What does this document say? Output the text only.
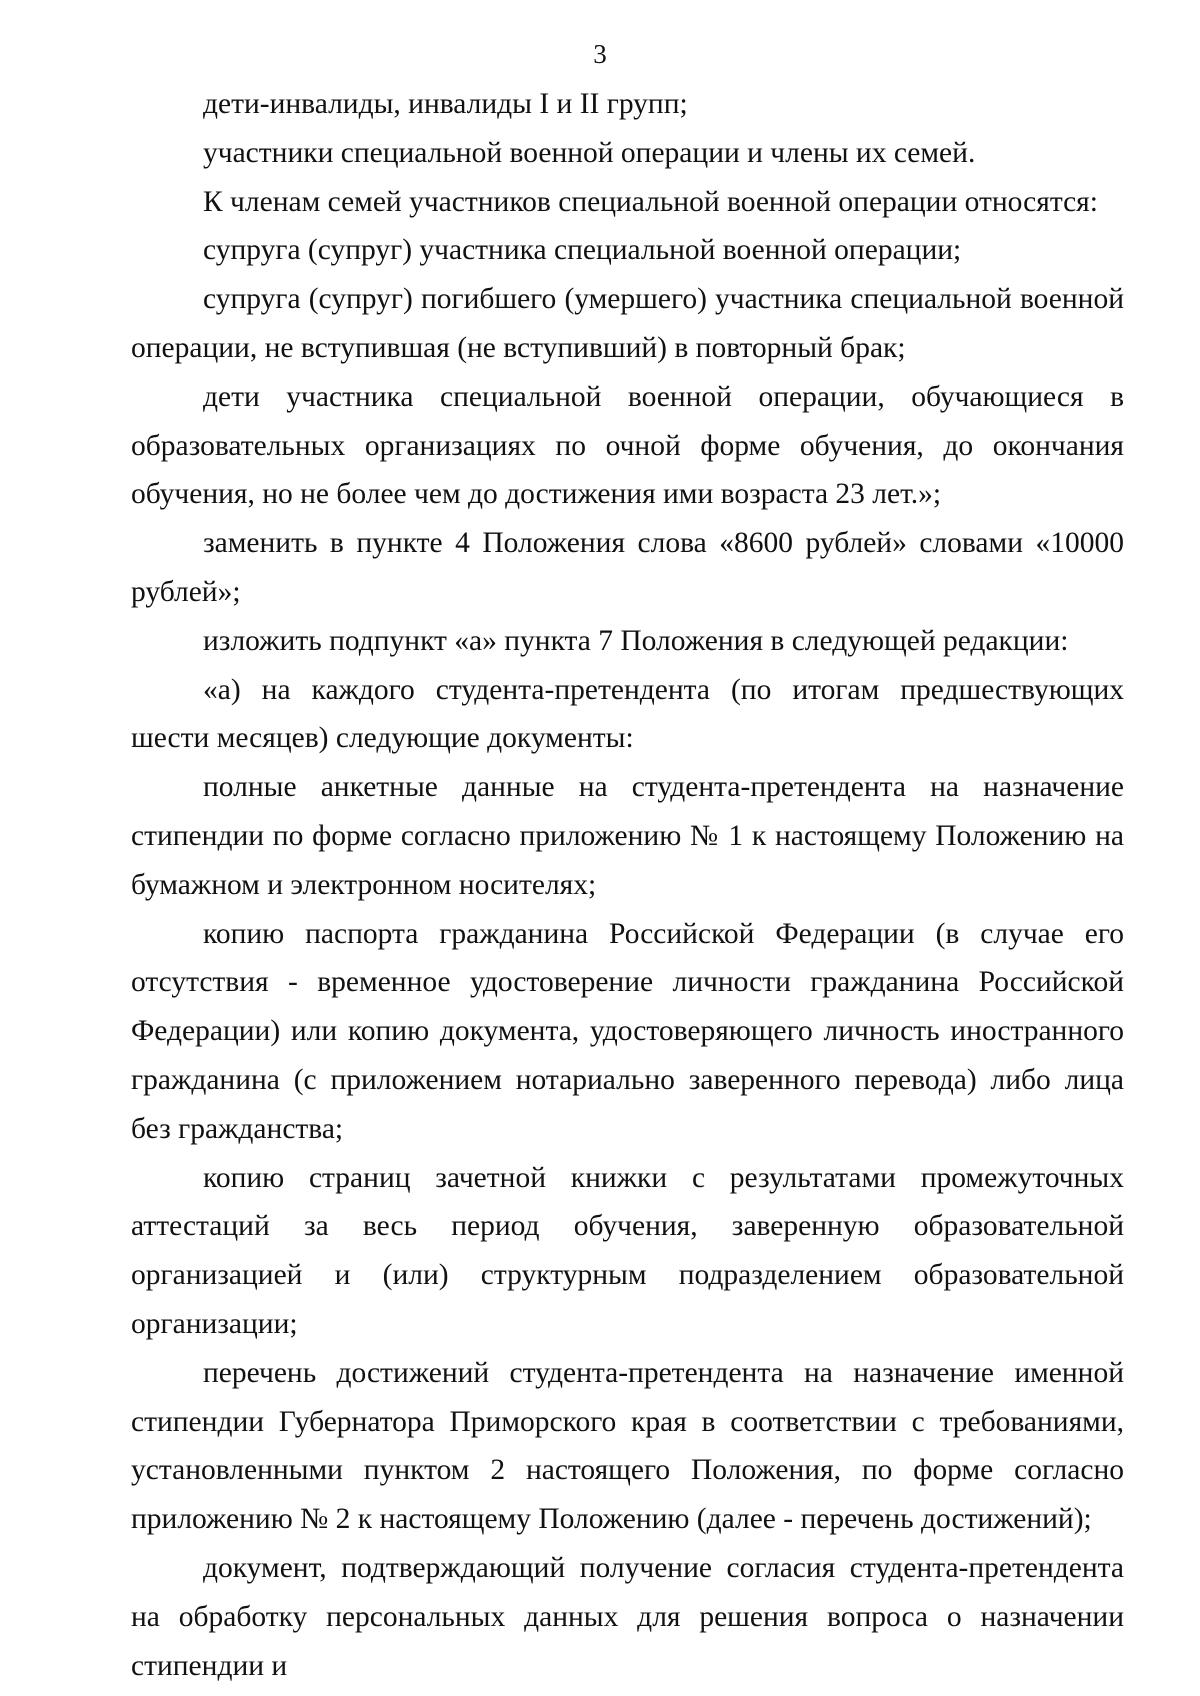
3

дети-инвалиды, инвалиды I и II групп;

участники специальной военной операции и члены их семей.

К членам семей участников специальной военной операции относятся:

супруга (супруг) участника специальной военной операции;

супруга (супруг) погибшего (умершего) участника специальной военной операции, не вступившая (не вступивший) в повторный брак;

дети участника специальной военной операции, обучающиеся в образовательных организациях по очной форме обучения, до окончания обучения, но не более чем до достижения ими возраста 23 лет.»;

заменить в пункте 4 Положения слова «8600 рублей» словами «10000 рублей»;

изложить подпункт «а» пункта 7 Положения в следующей редакции:

«а) на каждого студента-претендента (по итогам предшествующих шести месяцев) следующие документы:

полные анкетные данные на студента-претендента на назначение стипендии по форме согласно приложению № 1 к настоящему Положению на бумажном и электронном носителях;

копию паспорта гражданина Российской Федерации (в случае его отсутствия - временное удостоверение личности гражданина Российской Федерации) или копию документа, удостоверяющего личность иностранного гражданина (с приложением нотариально заверенного перевода) либо лица без гражданства;

копию страниц зачетной книжки с результатами промежуточных аттестаций за весь период обучения, заверенную образовательной организацией и (или) структурным подразделением образовательной организации;

перечень достижений студента-претендента на назначение именной стипендии Губернатора Приморского края в соответствии с требованиями, установленными пунктом 2 настоящего Положения, по форме согласно приложению № 2 к настоящему Положению (далее - перечень достижений);

документ, подтверждающий получение согласия студента-претендента на обработку персональных данных для решения вопроса о назначении стипендии и
